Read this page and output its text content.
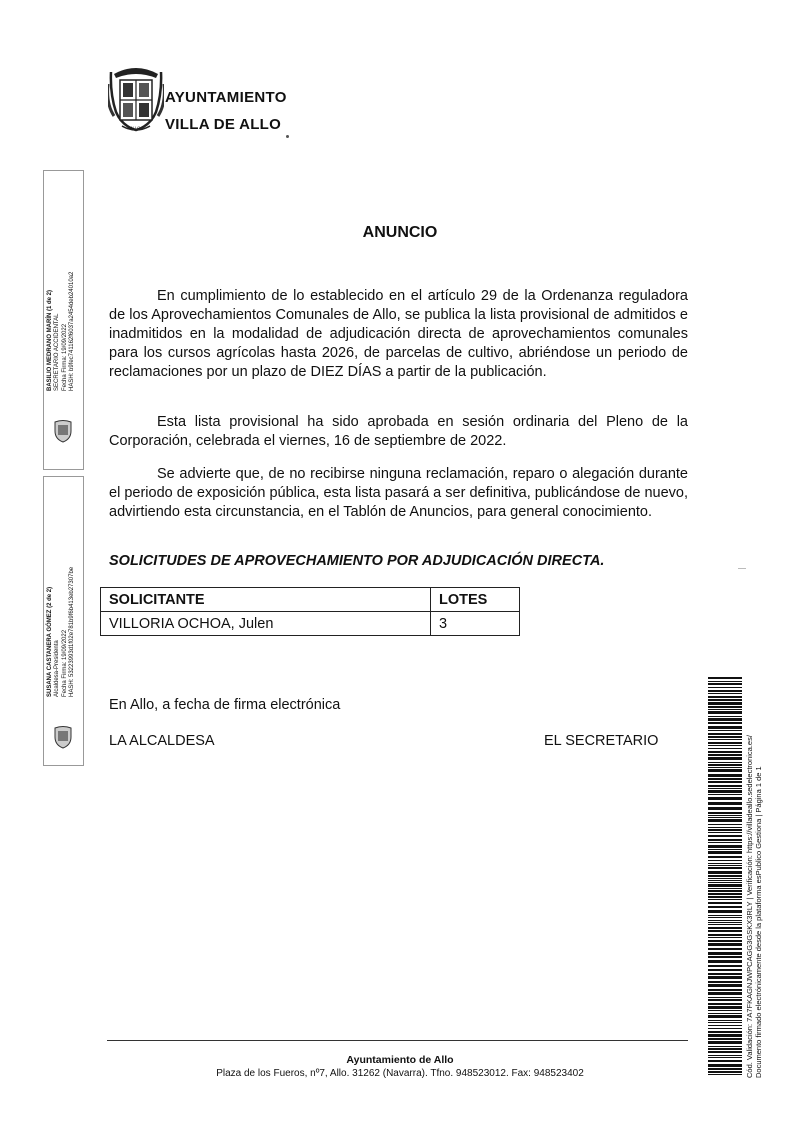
ALLO
AYUNTAMIENTO
VILLA DE ALLO
BASILIO MEDRANO MARÍN (1 de 2) SECRETARIO ACCIDENTAL Fecha Firma: 19/09/2022 HASH: b9fec741162f6037a2454deb24010a2
SUSANA CASTANERA GÓMEZ (2 de 2) Alcaldesa-Presidenta Fecha Firma: 19/09/2022 HASH: 53223993d1f02e781b9f6b413eb27307be
ANUNCIO

En cumplimiento de lo establecido en el artículo 29 de la Ordenanza reguladora de los Aprovechamientos Comunales de Allo, se publica la lista provisional de admitidos e inadmitidos en la modalidad de adjudicación directa de aprovechamientos comunales para los cursos agrícolas hasta 2026, de parcelas de cultivo, abriéndose un periodo de reclamaciones por un plazo de DIEZ DÍAS a partir de la publicación.

Esta lista provisional ha sido aprobada en sesión ordinaria del Pleno de la Corporación, celebrada el viernes, 16 de septiembre de 2022.

Se advierte que, de no recibirse ninguna reclamación, reparo o alegación durante el periodo de exposición pública, esta lista pasará a ser definitiva, publicándose de nuevo, advirtiendo esta circunstancia, en el Tablón de Anuncios, para general conocimiento.

SOLICITUDES DE APROVECHAMIENTO POR ADJUDICACIÓN DIRECTA.
SOLICITANTE	LOTES
VILLORIA OCHOA, Julen	3
En Allo, a fecha de firma electrónica
LA ALCALDESA	EL SECRETARIO
Ayuntamiento de Allo
Plaza de los Fueros, nº7, Allo. 31262 (Navarra). Tfno. 948523012. Fax: 948523402	Cód. Validación: 7A7FKAGNJWPCAGG3GSKX3RLY | Verificación: https://villadeallo.sedelectronica.es/ Documento firmado electrónicamente desde la plataforma esPublico Gestiona | Página 1 de 1
